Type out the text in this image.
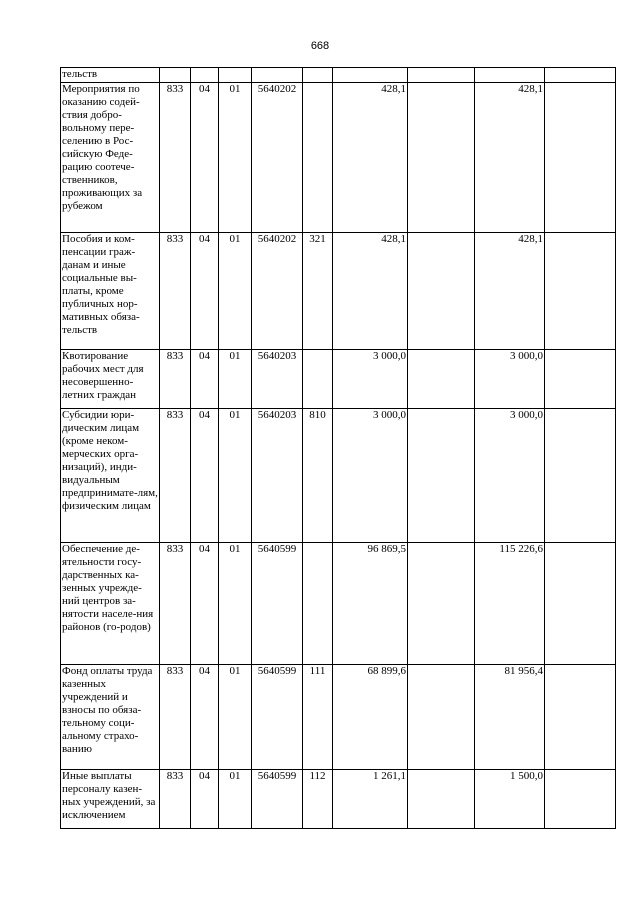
668
тельств									
Мероприятия по оказанию содей-ствия добро-вольному пере-селению в Рос-сийскую Феде-рацию соотече-ственников, проживающих за рубежом	833	04	01	5640202		428,1		428,1	
Пособия и ком-пенсации граж-данам и иные социальные вы-платы, кроме публичных нор-мативных обяза-тельств	833	04	01	5640202	321	428,1		428,1	
Квотирование рабочих мест для несовершенно-летних граждан	833	04	01	5640203		3 000,0		3 000,0	
Субсидии юри-дическим лицам (кроме неком-мерческих орга-низаций), инди-видуальным предпринимате-лям, физическим лицам	833	04	01	5640203	810	3 000,0		3 000,0	
Обеспечение де-ятельности госу-дарственных ка-зенных учрежде-ний центров за-нятости населе-ния районов (го-родов)	833	04	01	5640599		96 869,5		115 226,6	
Фонд оплаты труда казенных учреждений и взносы по обяза-тельному соци-альному страхо-ванию	833	04	01	5640599	111	68 899,6		81 956,4	
Иные выплаты персоналу казен-ных учреждений, за исключением	833	04	01	5640599	112	1 261,1		1 500,0	
